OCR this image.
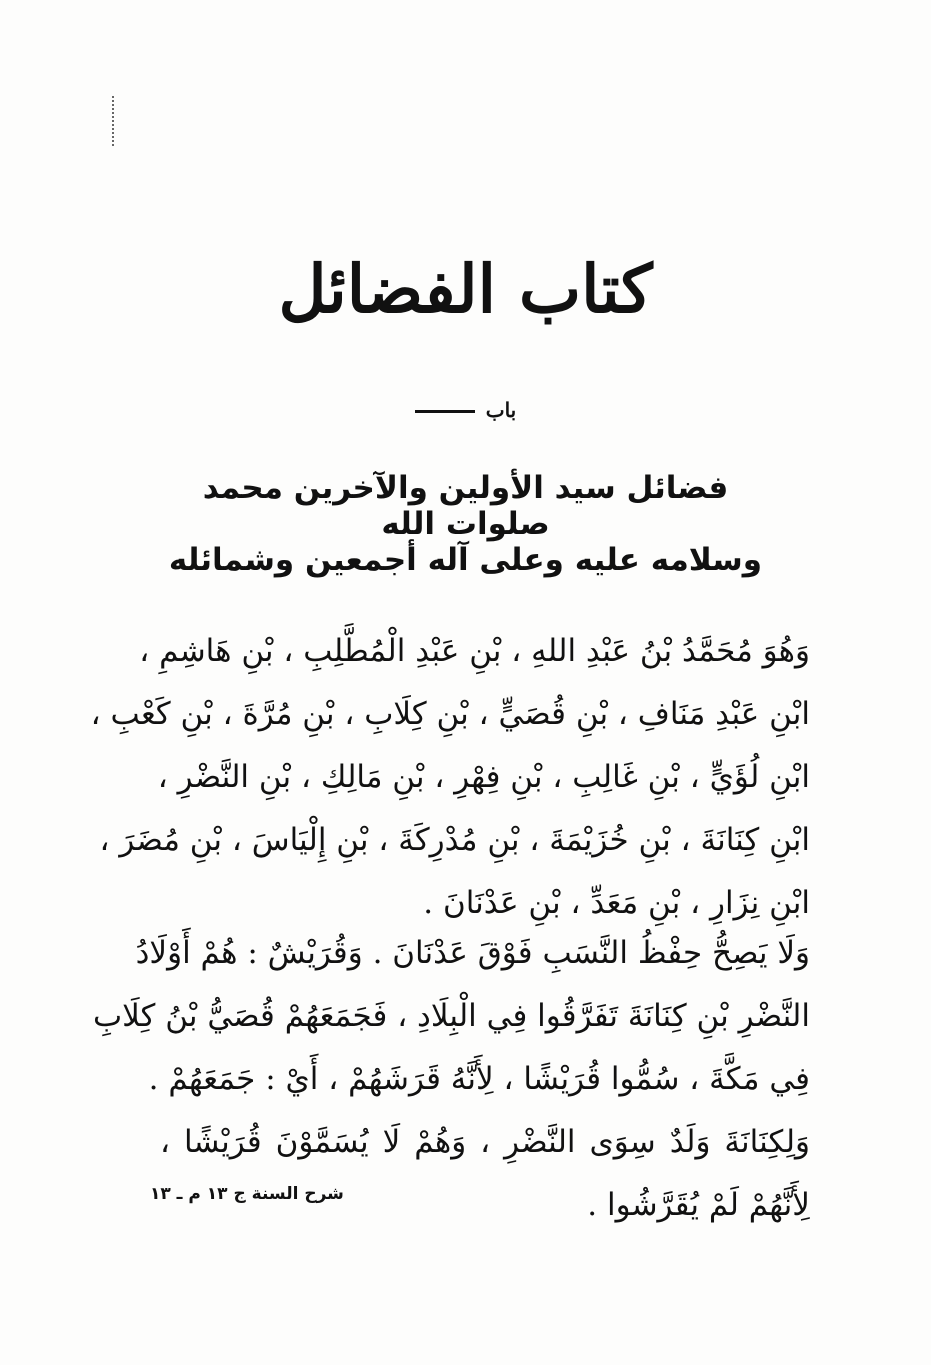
كتاب الفضائل
باب
فضائل سيد الأولين والآخرين محمد صلوات الله
وسلامه عليه وعلى آله أجمعين وشمائله
وَهُوَ مُحَمَّدُ بْنُ عَبْدِ اللهِ ، بْنِ عَبْدِ الْمُطَّلِبِ ، بْنِ هَاشِمِ ،
ابْنِ عَبْدِ مَنَافِ ، بْنِ قُصَيٍّ ، بْنِ كِلَابِ ، بْنِ مُرَّةَ ، بْنِ كَعْبِ ،
ابْنِ لُؤَيٍّ ، بْنِ غَالِبِ ، بْنِ فِهْرِ ، بْنِ مَالِكِ ، بْنِ النَّضْرِ ،
ابْنِ كِنَانَةَ ، بْنِ خُزَيْمَةَ ، بْنِ مُدْرِكَةَ ، بْنِ إِلْيَاسَ ، بْنِ مُضَرَ ،
ابْنِ نِزَارِ ، بْنِ مَعَدِّ ، بْنِ عَدْنَانَ .
وَلَا يَصِحُّ حِفْظُ النَّسَبِ فَوْقَ عَدْنَانَ . وَقُرَيْشٌ : هُمْ أَوْلَادُ
النَّضْرِ بْنِ كِنَانَةَ تَفَرَّقُوا فِي الْبِلَادِ ، فَجَمَعَهُمْ قُصَيُّ بْنُ كِلَابِ
فِي مَكَّةَ ، سُمُّوا قُرَيْشًا ، لِأَنَّهُ قَرَشَهُمْ ، أَيْ : جَمَعَهُمْ .
وَلِكِنَانَةَ وَلَدٌ سِوَى النَّضْرِ ، وَهُمْ لَا يُسَمَّوْنَ قُرَيْشًا ،
لِأَنَّهُمْ لَمْ يُقَرَّشُوا .
شرح السنة ج ١٣ م ـ ١٣
